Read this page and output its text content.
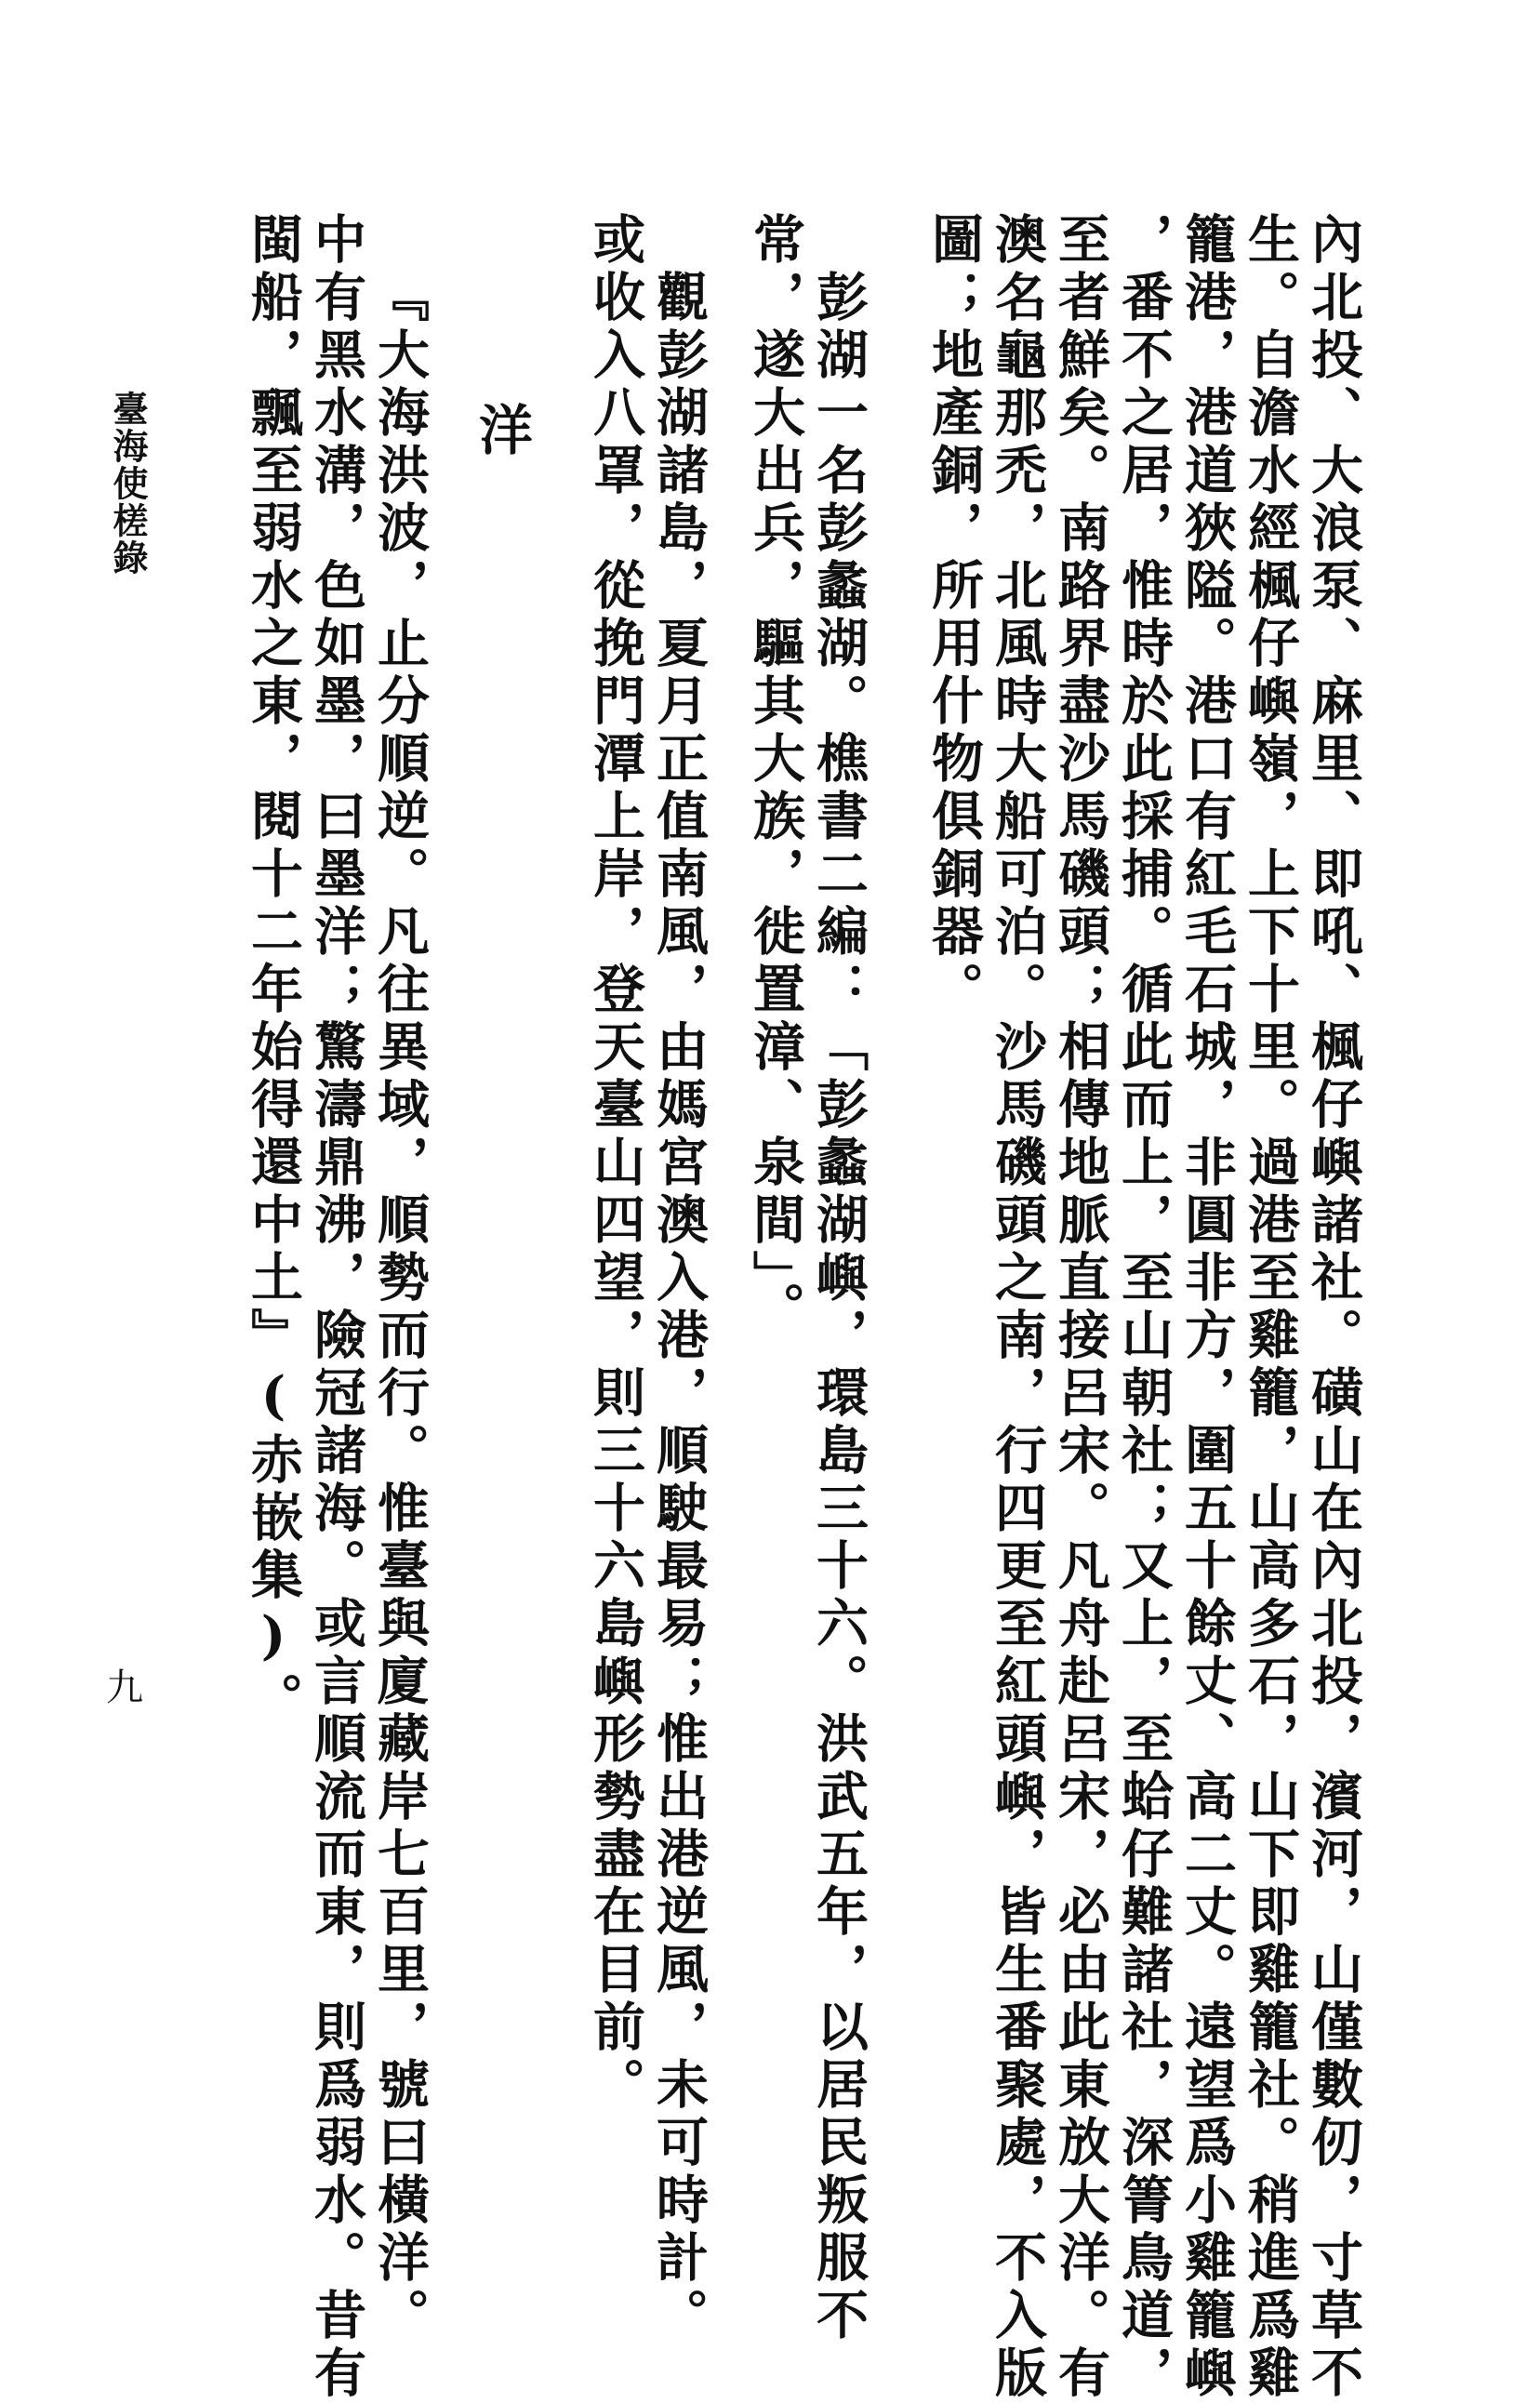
內北投、大浪泵、麻里、即吼、楓仔嶼諸社。磺山在內北投，濱河，山僅數仞，寸草不
生。自澹水經楓仔嶼嶺，上下十里。過港至雞籠，山高多石，山下即雞籠社。稍進爲雞
籠港，港道狹隘。港口有紅毛石城，非圓非方，圍五十餘丈、高二丈。遠望爲小雞籠嶼
，番不之居，惟時於此採捕。循此而上，至山朝社；又上，至蛤仔難諸社，深箐鳥道，
至者鮮矣。南路界盡沙馬磯頭；相傳地脈直接呂宋。凡舟赴呂宋，必由此東放大洋。有
澳名龜那禿，北風時大船可泊。沙馬磯頭之南，行四更至紅頭嶼，皆生番聚處，不入版
圖；地產銅，所用什物俱銅器。
彭湖一名彭蠡湖。樵書二編：「彭蠡湖嶼，環島三十六。洪武五年，以居民叛服不
常，遂大出兵，驅其大族，徙置漳、泉間」。
觀彭湖諸島，夏月正值南風，由媽宮澳入港，順駛最易；惟出港逆風，未可時計。
或收入八罩，從挽門潭上岸，登天臺山四望，則三十六島嶼形勢盡在目前。
洋
『大海洪波，止分順逆。凡往異域，順勢而行。惟臺與廈藏岸七百里，號曰橫洋。
中有黑水溝，色如墨，曰墨洋；驚濤鼎沸，險冠諸海。或言順流而東，則爲弱水。昔有
閩船，飄至弱水之東，閱十二年始得還中土』(赤嵌集)。
臺海使槎錄
九
